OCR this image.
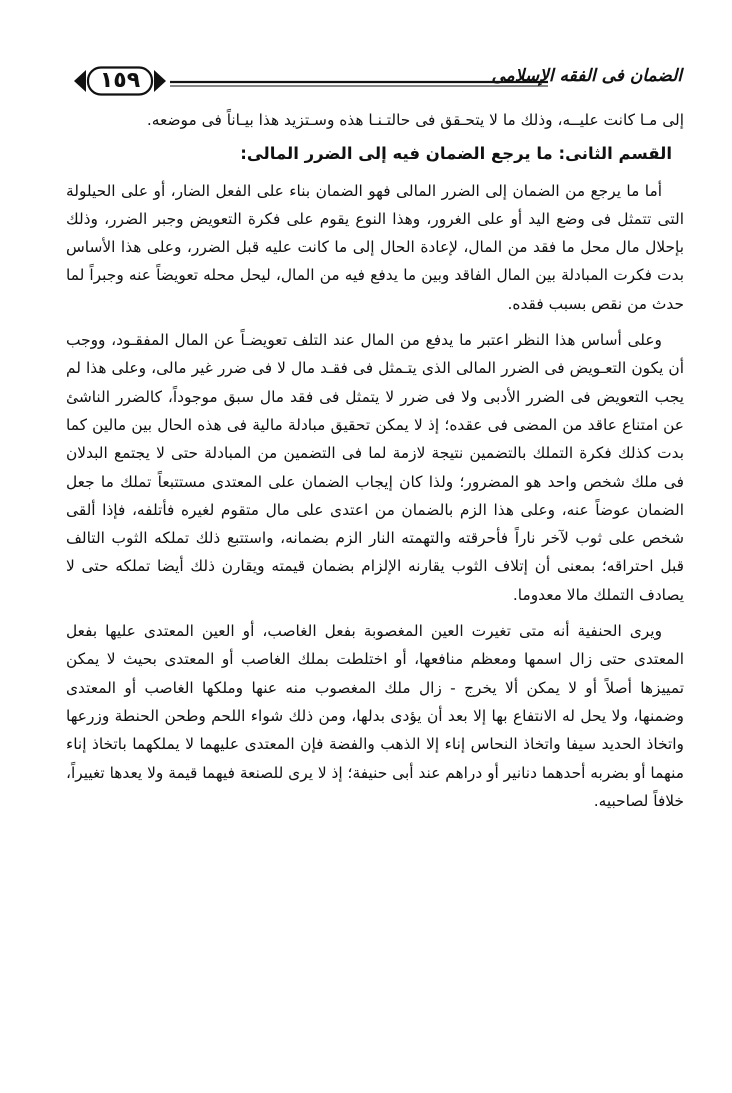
١٥٩	الضمان فى الفقه الإسلامى

إلى مـا كانت عليــه، وذلك ما لا يتحـقق فى حالتـنـا هذه وسـتزيد هذا بيـاناً فى موضعه.

القسم الثانى: ما يرجع الضمان فيه إلى الضرر المالى:

أما ما يرجع من الضمان إلى الضرر المالى فهو الضمان بناء على الفعل الضار، أو على الحيلولة التى تتمثل فى وضع اليد أو على الغرور، وهذا النوع يقوم على فكرة التعويض وجبر الضرر، وذلك بإحلال مال محل ما فقد من المال، لإعادة الحال إلى ما كانت عليه قبل الضرر، وعلى هذا الأساس بدت فكرت المبادلة بين المال الفاقد وبين ما يدفع فيه من المال، ليحل محله تعويضاً عنه وجبراً لما حدث من نقص بسبب فقده.

وعلى أساس هذا النظر اعتبر ما يدفع من المال عند التلف تعويضـاً عن المال المفقـود، ووجب أن يكون التعـويض فى الضرر المالى الذى يتـمثل فى فقـد مال لا فى ضرر غير مالى، وعلى هذا لم يجب التعويض فى الضرر الأدبى ولا فى ضرر لا يتمثل فى فقد مال سبق موجوداً، كالضرر الناشئ عن امتناع عاقد من المضى فى عقده؛ إذ لا يمكن تحقيق مبادلة مالية فى هذه الحال بين مالين كما بدت كذلك فكرة التملك بالتضمين نتيجة لازمة لما فى التضمين من المبادلة حتى لا يجتمع البدلان فى ملك شخص واحد هو المضرور؛ ولذا كان إيجاب الضمان على المعتدى مستتبعاً تملك ما جعل الضمان عوضاً عنه، وعلى هذا الزم بالضمان من اعتدى على مال متقوم لغيره فأتلفه، فإذا ألقى شخص على ثوب لآخر ناراً فأحرقته والتهمته النار الزم بضمانه، واستتبع ذلك تملكه الثوب التالف قبل احتراقه؛ بمعنى أن إتلاف الثوب يقارنه الإلزام بضمان قيمته ويقارن ذلك أيضا تملكه حتى لا يصادف التملك مالا معدوما.

ويرى الحنفية أنه متى تغيرت العين المغصوبة بفعل الغاصب، أو العين المعتدى عليها بفعل المعتدى حتى زال اسمها ومعظم منافعها، أو اختلطت بملك الغاصب أو المعتدى بحيث لا يمكن تمييزها أصلاً أو لا يمكن ألا يخرج - زال ملك المغصوب منه عنها وملكها الغاصب أو المعتدى وضمنها، ولا يحل له الانتفاع بها إلا بعد أن يؤدى بدلها، ومن ذلك شواء اللحم وطحن الحنطة وزرعها واتخاذ الحديد سيفا واتخاذ النحاس إناء إلا الذهب والفضة فإن المعتدى عليهما لا يملكهما باتخاذ إناء منهما أو بضربه أحدهما دنانير أو دراهم عند أبى حنيفة؛ إذ لا يرى للصنعة فيهما قيمة ولا يعدها تغييراً، خلافاً لصاحبيه.
